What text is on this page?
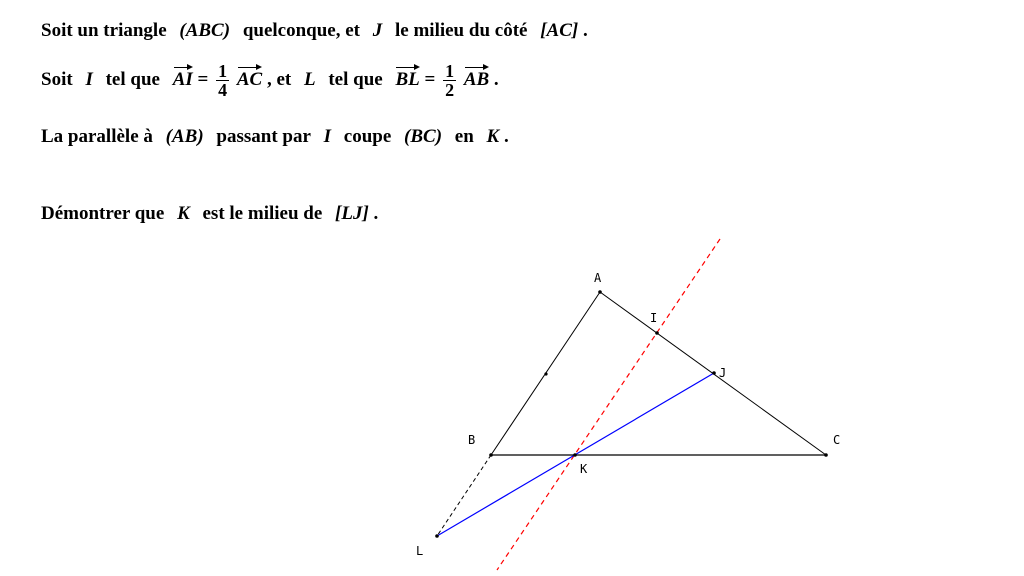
Soit un triangle (ABC) quelconque, et J le milieu du côté [AC] .
Soit I tel que AI = $\frac{1}{4}$ AC , et L tel que BL = $\frac{1}{2}$ AB .
La parallèle à (AB) passant par I coupe (BC) en K .
Démontrer que K est le milieu de [LJ] .
A
B	C
I
J
K
L
